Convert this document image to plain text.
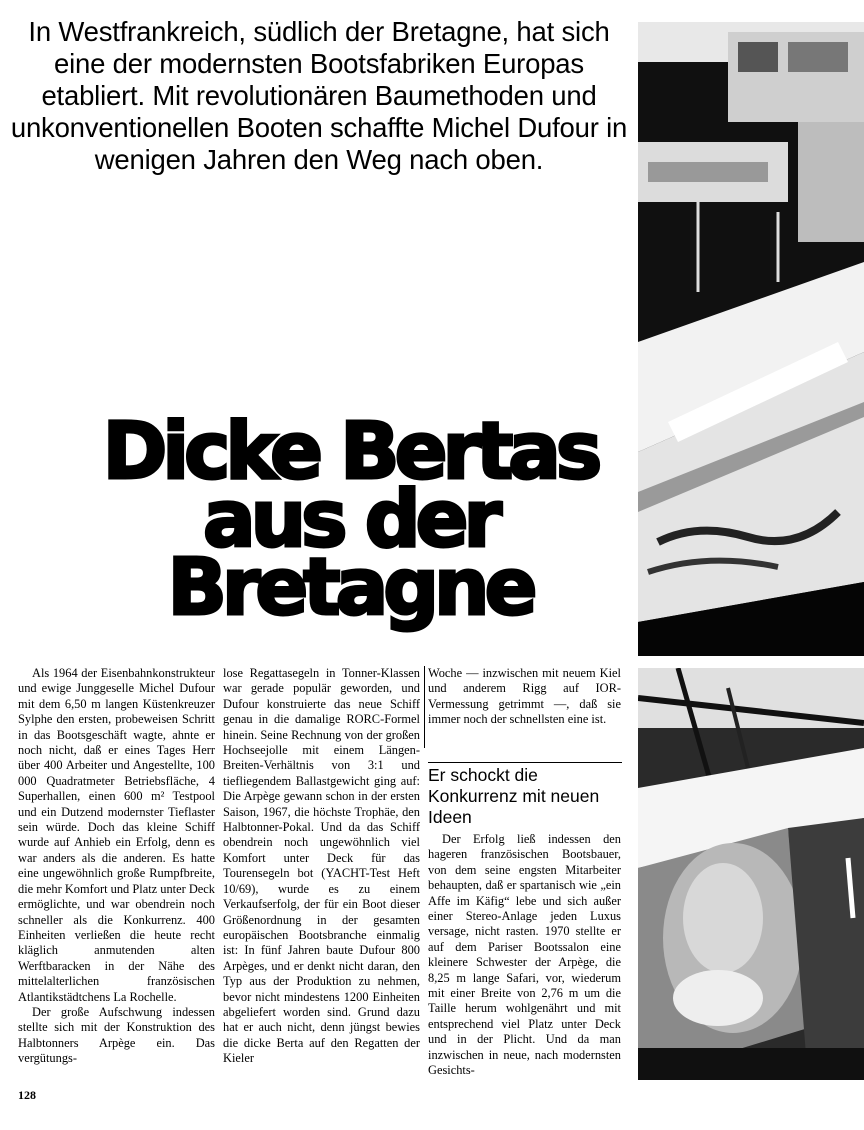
In Westfrankreich, südlich der Bretagne, hat sich eine der modernsten Bootsfabriken Europas etabliert. Mit revolutionären Baumethoden und unkonventionellen Booten schaffte Michel Dufour in wenigen Jahren den Weg nach oben.

Dicke Bertas
aus der
Bretagne

Als 1964 der Eisenbahnkonstrukteur und ewige Junggeselle Michel Dufour mit dem 6,50 m langen Küstenkreuzer Sylphe den ersten, probeweisen Schritt in das Bootsgeschäft wagte, ahnte er noch nicht, daß er eines Tages Herr über 400 Arbeiter und Angestellte, 100 000 Quadratmeter Betriebsfläche, 4 Superhallen, einen 600 m² Testpool und ein Dutzend modernster Tieflaster sein würde. Doch das kleine Schiff wurde auf Anhieb ein Erfolg, denn es war anders als die anderen. Es hatte eine ungewöhnlich große Rumpfbreite, die mehr Komfort und Platz unter Deck ermöglichte, und war obendrein noch schneller als die Konkurrenz. 400 Einheiten verließen die heute recht kläglich anmutenden alten Werftbaracken in der Nähe des mittelalterlichen französischen Atlantikstädtchens La Rochelle.

Der große Aufschwung indessen stellte sich mit der Konstruktion des Halbtonners Arpège ein. Das vergütungs-

lose Regattasegeln in Tonner-Klassen war gerade populär geworden, und Dufour konstruierte das neue Schiff genau in die damalige RORC-Formel hinein. Seine Rechnung von der großen Hochseejolle mit einem Längen-Breiten-Verhältnis von 3:1 und tiefliegendem Ballastgewicht ging auf: Die Arpège gewann schon in der ersten Saison, 1967, die höchste Trophäe, den Halbtonner-Pokal. Und da das Schiff obendrein noch ungewöhnlich viel Komfort unter Deck für das Tourensegeln bot (YACHT-Test Heft 10/69), wurde es zu einem Verkaufserfolg, der für ein Boot dieser Größenordnung in der gesamten europäischen Bootsbranche einmalig ist: In fünf Jahren baute Dufour 800 Arpèges, und er denkt nicht daran, den Typ aus der Produktion zu nehmen, bevor nicht mindestens 1200 Einheiten abgeliefert worden sind. Grund dazu hat er auch nicht, denn jüngst bewies die dicke Berta auf den Regatten der Kieler

Woche — inzwischen mit neuem Kiel und anderem Rigg auf IOR-Vermessung getrimmt —, daß sie immer noch der schnellsten eine ist.

Er schockt die Konkurrenz mit neuen Ideen

Der Erfolg ließ indessen den hageren französischen Bootsbauer, von dem seine engsten Mitarbeiter behaupten, daß er spartanisch wie „ein Affe im Käfig“ lebe und sich außer einer Stereo-Anlage jeden Luxus versage, nicht rasten. 1970 stellte er auf dem Pariser Bootssalon eine kleinere Schwester der Arpège, die 8,25 m lange Safari, vor, wiederum mit einer Breite von 2,76 m um die Taille herum wohlgenährt und mit entsprechend viel Platz unter Deck und in der Plicht. Und da man inzwischen in neue, nach modernsten Gesichts-

128
